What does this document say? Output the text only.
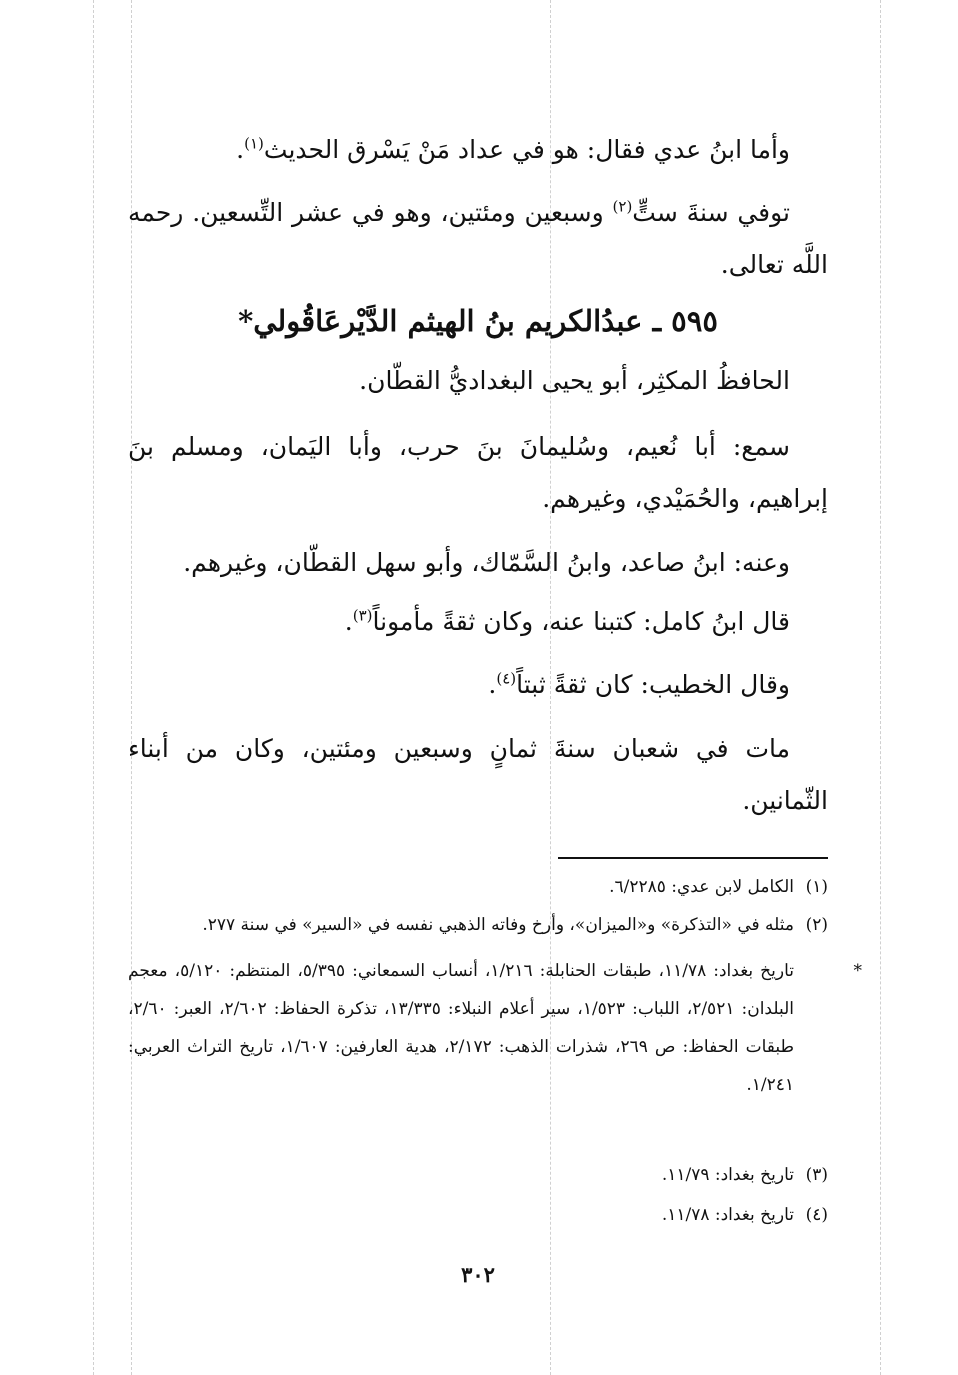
وأما ابنُ عدي فقال: هو في عداد مَنْ يَسْرق الحديث$^{(١)}$.
توفي سنةَ ستٍّ$^{(٢)}$ وسبعين ومئتين، وهو في عشر التِّسعين. رحمه اللَّه تعالى.
٥٩٥ ـ عبدُالكريم بنُ الهيثم الدَّيْرعَاقُولي*
الحافظُ المكثِر، أبو يحيى البغداديُّ القطّان.
سمع: أبا نُعيم، وسُليمانَ بنَ حرب، وأبا اليَمان، ومسلم بنَ إبراهيم، والحُمَيْدي، وغيرهم.
وعنه: ابنُ صاعد، وابنُ السَّمّاك، وأبو سهل القطّان، وغيرهم.
قال ابنُ كامل: كتبنا عنه، وكان ثقةً مأموناً$^{(٣)}$.
وقال الخطيب: كان ثقةً ثبتاً$^{(٤)}$.
مات في شعبان سنةَ ثمانٍ وسبعين ومئتين، وكان من أبناء الثّمانين.
(١)الكامل لابن عدي: ٦/٢٢٨٥.
(٢)مثله في «التذكرة» و«الميزان»، وأرخ وفاته الذهبي نفسه في «السير» في سنة ٢٧٧.
*تاريخ بغداد: ١١/٧٨، طبقات الحنابلة: ١/٢١٦، أنساب السمعاني: ٥/٣٩٥، المنتظم: ٥/١٢٠، معجم البلدان: ٢/٥٢١، اللباب: ١/٥٢٣، سير أعلام النبلاء: ١٣/٣٣٥، تذكرة الحفاظ: ٢/٦٠٢، العبر: ٢/٦٠، طبقات الحفاظ: ص ٢٦٩، شذرات الذهب: ٢/١٧٢، هدية العارفين: ١/٦٠٧، تاريخ التراث العربي: ١/٢٤١.
(٣)تاريخ بغداد: ١١/٧٩.
(٤)تاريخ بغداد: ١١/٧٨.
٣٠٢
